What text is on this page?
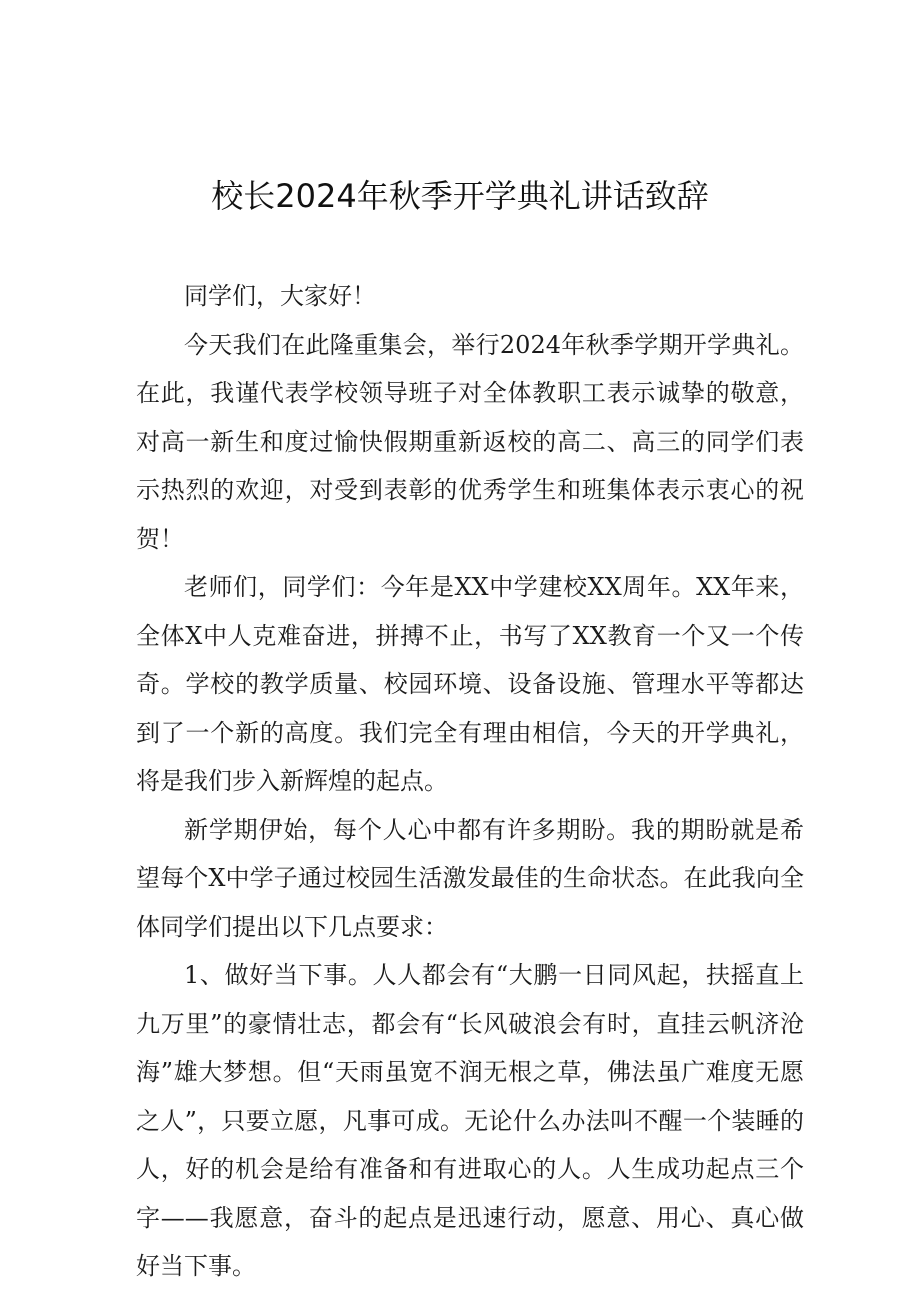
校长2024年秋季开学典礼讲话致辞

同学们，大家好！

今天我们在此隆重集会，举行2024年秋季学期开学典礼。在此，我谨代表学校领导班子对全体教职工表示诚挚的敬意，对高一新生和度过愉快假期重新返校的高二、高三的同学们表示热烈的欢迎，对受到表彰的优秀学生和班集体表示衷心的祝贺！

老师们，同学们：今年是XX中学建校XX周年。XX年来，全体X中人克难奋进，拼搏不止，书写了XX教育一个又一个传奇。学校的教学质量、校园环境、设备设施、管理水平等都达到了一个新的高度。我们完全有理由相信，今天的开学典礼，将是我们步入新辉煌的起点。

新学期伊始，每个人心中都有许多期盼。我的期盼就是希望每个X中学子通过校园生活激发最佳的生命状态。在此我向全体同学们提出以下几点要求：

1、做好当下事。人人都会有“大鹏一日同风起，扶摇直上九万里”的豪情壮志，都会有“长风破浪会有时，直挂云帆济沧海”雄大梦想。但“天雨虽宽不润无根之草，佛法虽广难度无愿之人”，只要立愿，凡事可成。无论什么办法叫不醒一个装睡的人，好的机会是给有准备和有进取心的人。人生成功起点三个字——我愿意，奋斗的起点是迅速行动，愿意、用心、真心做好当下事。
